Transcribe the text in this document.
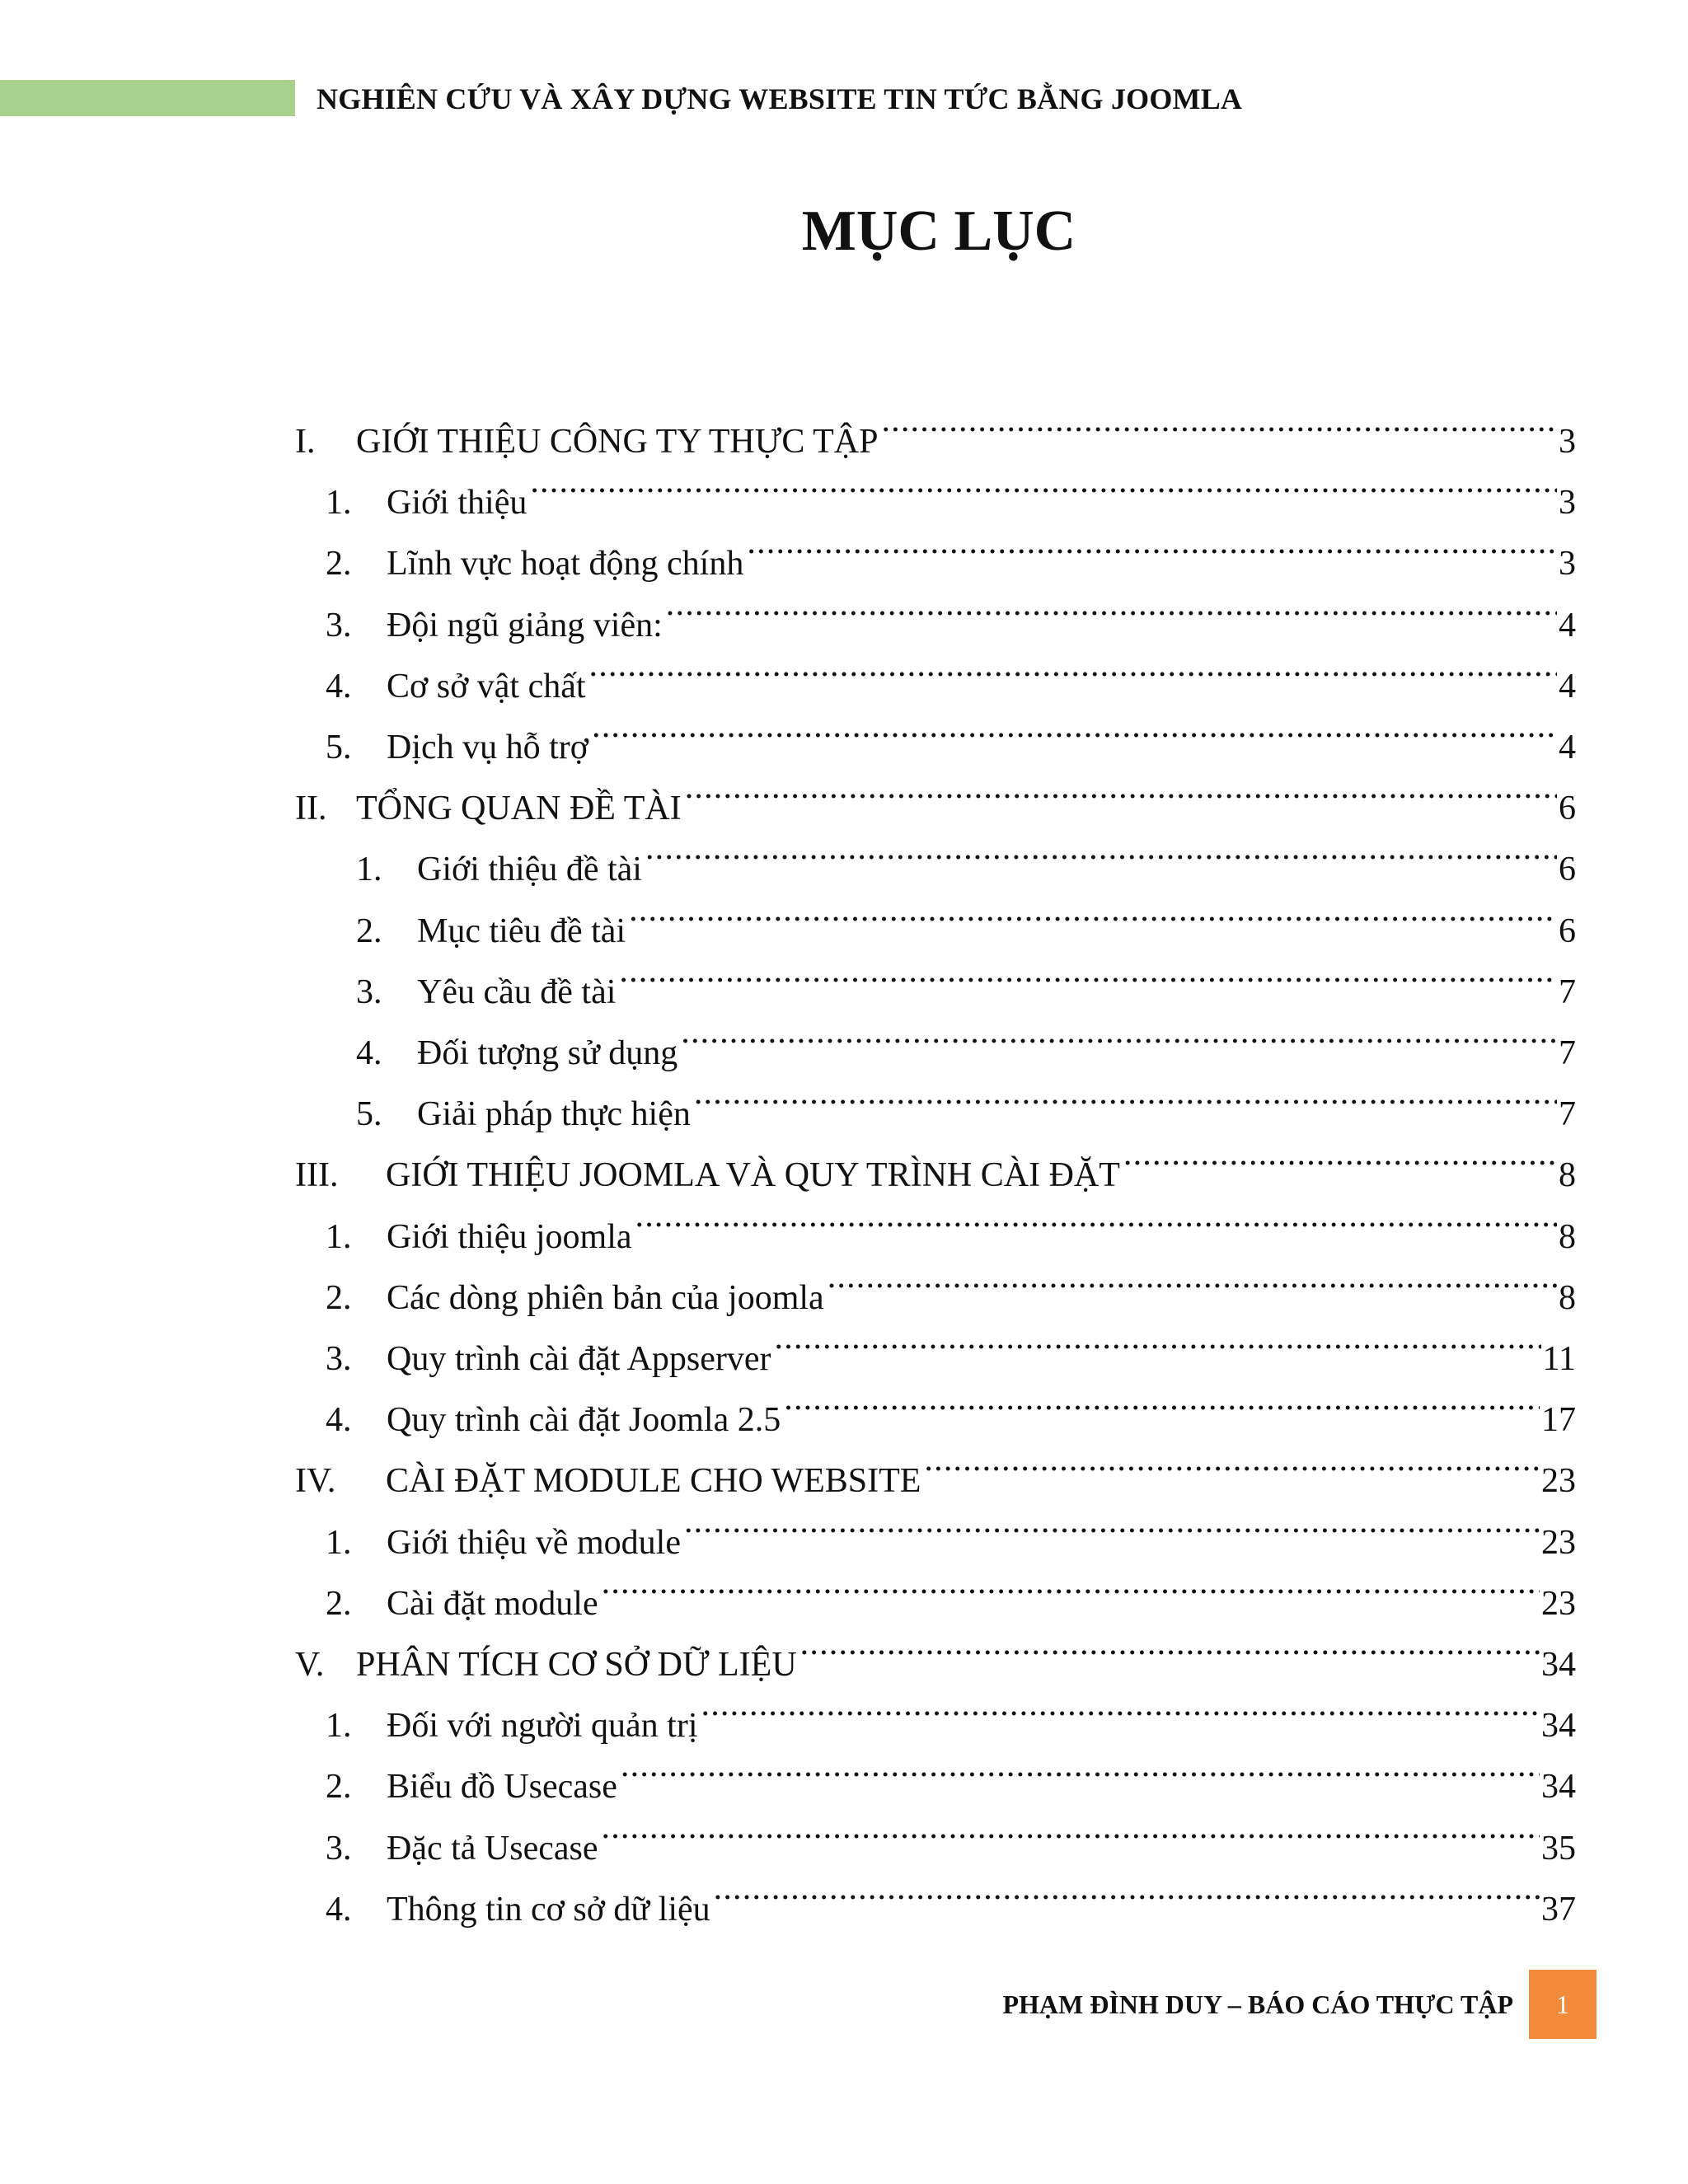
NGHIÊN CỨU VÀ XÂY DỰNG WEBSITE TIN TỨC BẰNG JOOMLA
MỤC LỤC
I.	GIỚI THIỆU CÔNG TY THỰC TẬP .....	3
1.	Giới thiệu .....	3
2.	Lĩnh vực hoạt động chính .....	3
3.	Đội ngũ giảng viên: .....	4
4.	Cơ sở vật chất .....	4
5.	Dịch vụ hỗ trợ .....	4
II. TỔNG QUAN ĐỀ TÀI .....	6
1.	Giới thiệu đề tài .....	6
2.	Mục tiêu đề tài .....	6
3.	Yêu cầu đề tài .....	7
4.	Đối tượng sử dụng .....	7
5.	Giải pháp thực hiện .....	7
III.	GIỚI THIỆU JOOMLA VÀ QUY TRÌNH CÀI ĐẶT .....	8
1.	Giới thiệu joomla .....	8
2.	Các dòng phiên bản của joomla .....	8
3.	Quy trình cài đặt Appserver .....	11
4.	Quy trình cài đặt Joomla 2.5 .....	17
IV.	CÀI ĐẶT MODULE CHO WEBSITE .....	23
1.	Giới thiệu về module .....	23
2.	Cài đặt module .....	23
V. PHÂN TÍCH CƠ SỞ DỮ LIỆU .....	34
1.	Đối với người quản trị .....	34
2.	Biểu đồ Usecase .....	34
3.	Đặc tả Usecase .....	35
4.	Thông tin cơ sở dữ liệu .....	37
PHẠM ĐÌNH DUY – BÁO CÁO THỰC TẬP	1
